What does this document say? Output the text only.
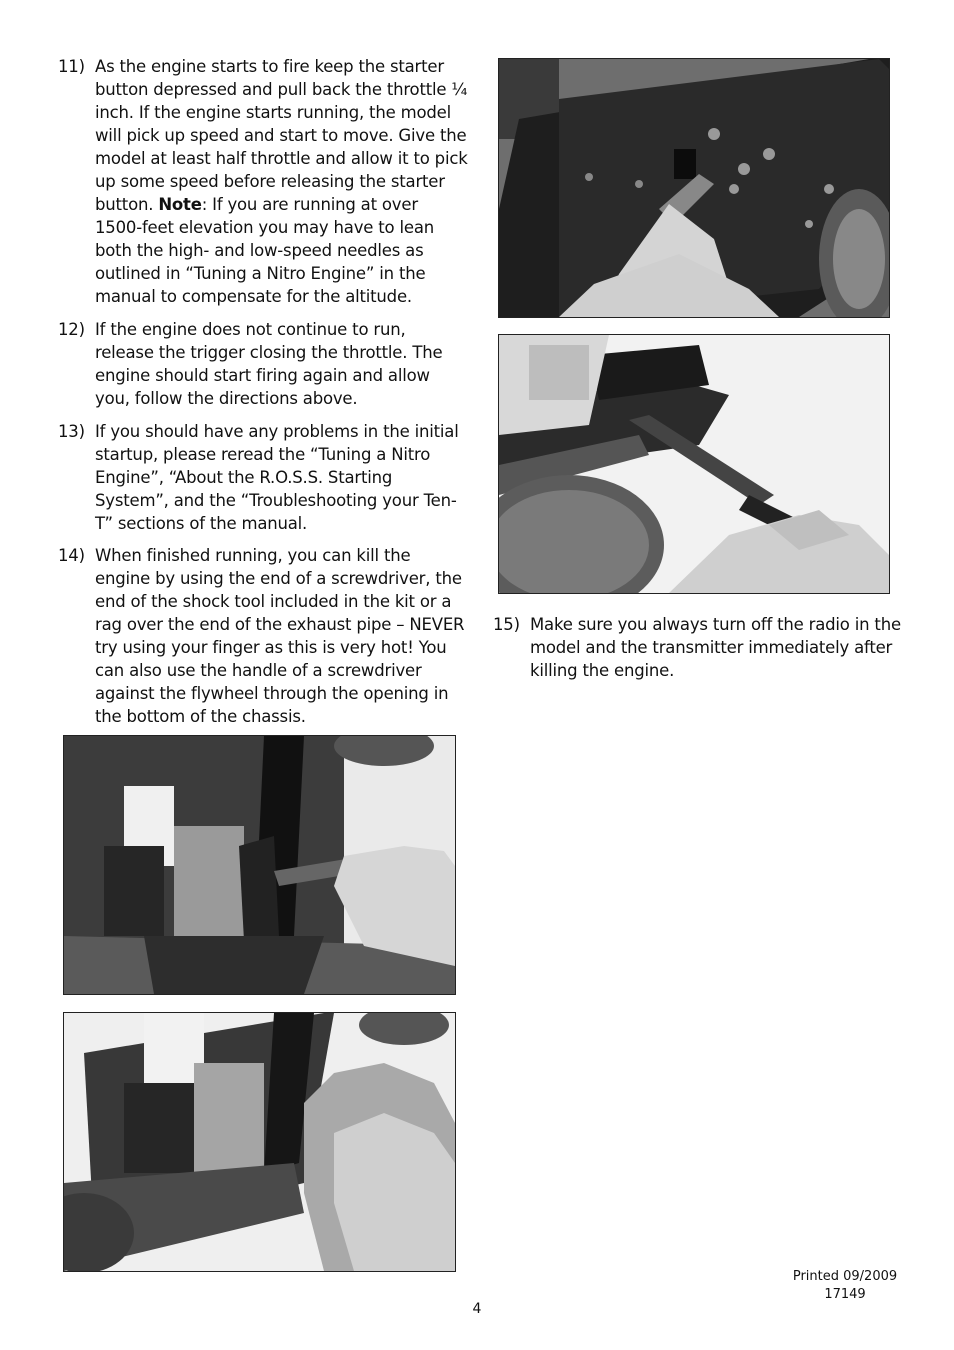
11) As the engine starts to fire keep the starter button depressed and pull back the throttle ¼ inch. If the engine starts running, the model will pick up speed and start to move. Give the model at least half throttle and allow it to pick up some speed before releasing the starter button. Note: If you are running at over 1500-feet elevation you may have to lean both the high- and low-speed needles as outlined in “Tuning a Nitro Engine” in the manual to compensate for the altitude.
12) If the engine does not continue to run, release the trigger closing the throttle. The engine should start firing again and allow you, follow the directions above.
13) If you should have any problems in the initial startup, please reread the “Tuning a Nitro Engine”, “About the R.O.S.S. Starting System”, and the “Troubleshooting your Ten-T” sections of the manual.
14) When finished running, you can kill the engine by using the end of a screwdriver, the end of the shock tool included in the kit or a rag over the end of the exhaust pipe – NEVER try using your finger as this is very hot! You can also use the handle of a screwdriver against the flywheel through the opening in the bottom of the chassis.
15) Make sure you always turn off the radio in the model and the transmitter immediately after killing the engine.
4
Printed 09/2009
17149
